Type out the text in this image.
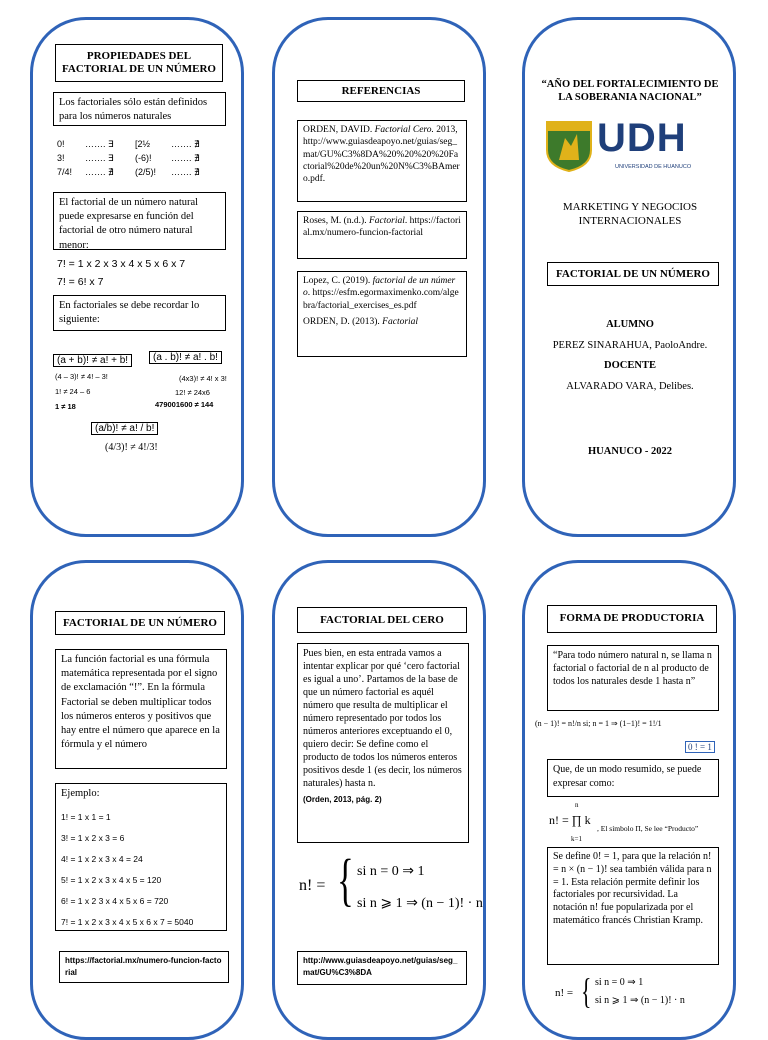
PROPIEDADES DEL FACTORIAL DE UN NÚMERO
Los factoriales sólo están definidos para los números naturales
0! ……. ∃ [2½ ……. ∄
3! ……. ∃ (-6)! ……. ∄
7/4! ……. ∄ (2/5)! ……. ∄
El factorial de un número natural puede expresarse en función del factorial de otro número natural menor:
7! = 1 x 2 x 3 x 4 x 5 x 6 x 7
7! = 6! x 7
En factoriales se debe recordar lo siguiente:
(a + b)! ≠ a! + b!	(a . b)! ≠ a! . b!
(4 – 3)! ≠ 4! – 3!
1! ≠ 24 – 6
1 ≠ 18
(4x3)! ≠ 4! x 3!
12! ≠ 24x6
479001600 ≠ 144
(a/b)! ≠ a! / b!
(4/3)! ≠ 4!/3!
REFERENCIAS
ORDEN, DAVID. Factorial Cero. 2013, http://www.guiasdeapoyo.net/guias/seg_mat/GU%C3%8DA%20%20%20%20Factorial%20de%20un%20N%C3%BAmero.pdf.
Roses, M. (n.d.). Factorial. https://factorial.mx/numero-funcion-factorial
Lopez, C. (2019). factorial de un número. https://esfm.egormaximenko.com/algebra/factorial_exercises_es.pdf

ORDEN, D. (2013). Factorial
“AÑO DEL FORTALECIMIENTO DE LA SOBERANIA NACIONAL”
UDH
UNIVERSIDAD DE HUANUCO
MARKETING Y NEGOCIOS INTERNACIONALES
FACTORIAL DE UN NÚMERO
ALUMNO
PEREZ SINARAHUA, PaoloAndre.
DOCENTE
ALVARADO VARA, Delibes.
HUANUCO - 2022
FACTORIAL DE UN NÚMERO
La función factorial es una fórmula matemática representada por el signo de exclamación “!”. En la fórmula Factorial se deben multiplicar todos los números enteros y positivos que hay entre el número que aparece en la fórmula y el número
Ejemplo:
1! = 1 x 1 = 1
3! = 1 x 2 x 3 = 6
4! = 1 x 2 x 3 x 4 = 24
5! = 1 x 2 x 3 x 4 x 5 = 120
6! = 1 x 2 3 x 4 x 5 x 6 = 720
7! = 1 x 2 x 3 x 4 x 5 x 6 x 7 = 5040
https://factorial.mx/numero-funcion-factorial
FACTORIAL DEL CERO
Pues bien, en esta entrada vamos a intentar explicar por qué ‘cero factorial es igual a uno’. Partamos de la base de que un número factorial es aquél número que resulta de multiplicar el número representado por todos los números anteriores exceptuando el 0, quiero decir: Se define como el producto de todos los números enteros positivos desde 1 (es decir, los números naturales) hasta n.
(Orden, 2013, pág. 2)
n! = { si n = 0 ⇒ 1
si n ⩾ 1 ⇒ (n − 1)! · n
http://www.guiasdeapoyo.net/guias/seg_mat/GU%C3%8DA
FORMA DE PRODUCTORIA
“Para todo número natural n, se llama n factorial o factorial de n al producto de todos los naturales desde 1 hasta n”
(n − 1)! = n!/n si; n = 1 ⇒ (1−1)! = 1!/1
0 ! = 1
Que, de un modo resumido, se puede expresar como:
n! = ∏ k
n
k=1
, El símbolo Π, Se lee “Producto”
Se define 0! = 1, para que la relación n! = n × (n − 1)! sea también válida para n = 1. Esta relación permite definir los factoriales por recursividad. La notación n! fue popularizada por el matemático francés Christian Kramp.
n! = { si n = 0 ⇒ 1
si n ⩾ 1 ⇒ (n − 1)! · n
